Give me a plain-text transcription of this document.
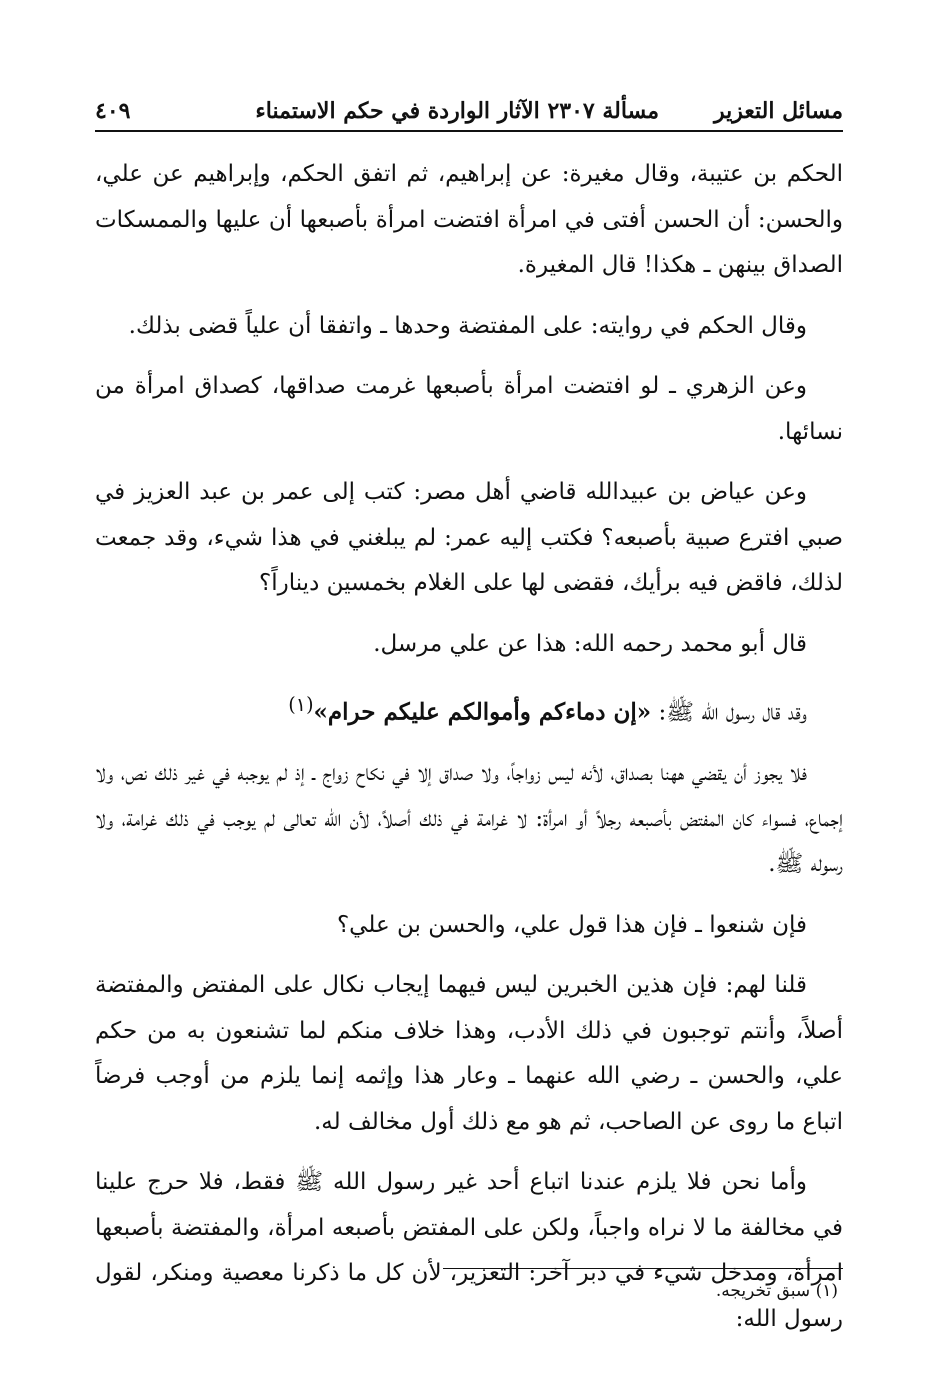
مسائل التعزير
مسألة ٢٣٠٧ الآثار الواردة في حكم الاستمناء
٤٠٩

الحكم بن عتيبة، وقال مغيرة: عن إبراهيم، ثم اتفق الحكم، وإبراهيم عن علي، والحسن: أن الحسن أفتى في امرأة افتضت امرأة بأصبعها أن عليها والممسكات الصداق بينهن ـ هكذا! قال المغيرة.

وقال الحكم في روايته: على المفتضة وحدها ـ واتفقا أن علياً قضى بذلك.

وعن الزهري ـ لو افتضت امرأة بأصبعها غرمت صداقها، كصداق امرأة من نسائها.

وعن عياض بن عبيدالله قاضي أهل مصر: كتب إلى عمر بن عبد العزيز في صبي افترع صبية بأصبعه؟ فكتب إليه عمر: لم يبلغني في هذا شيء، وقد جمعت لذلك، فاقض فيه برأيك، فقضى لها على الغلام بخمسين ديناراً؟

قال أبو محمد رحمه الله: هذا عن علي مرسل.

وقد قال رسول الله ﷺ: «إن دماءكم وأموالكم عليكم حرام»$^{(١)}$

فلا يجوز أن يقضي ههنا بصداق، لأنه ليس زواجاً، ولا صداق إلا في نكاح زواج ـ إذ لم يوجبه في غير ذلك نص، ولا إجماع، فسواء كان المفتض بأصبعه رجلاً أو امرأة: لا غرامة في ذلك أصلاً، لأن الله تعالى لم يوجب في ذلك غرامة، ولا رسوله ﷺ.

فإن شنعوا ـ فإن هذا قول علي، والحسن بن علي؟

قلنا لهم: فإن هذين الخبرين ليس فيهما إيجاب نكال على المفتض والمفتضة أصلاً، وأنتم توجبون في ذلك الأدب، وهذا خلاف منكم لما تشنعون به من حكم علي، والحسن ـ رضي الله عنهما ـ وعار هذا وإثمه إنما يلزم من أوجب فرضاً اتباع ما روى عن الصاحب، ثم هو مع ذلك أول مخالف له.

وأما نحن فلا يلزم عندنا اتباع أحد غير رسول الله ﷺ فقط، فلا حرج علينا في مخالفة ما لا نراه واجباً، ولكن على المفتض بأصبعه امرأة، والمفتضة بأصبعها امرأة، ومدخل شيء في دبر آخر: التعزير، لأن كل ما ذكرنا معصية ومنكر، لقول رسول الله:

(١) سبق تخريجه.
